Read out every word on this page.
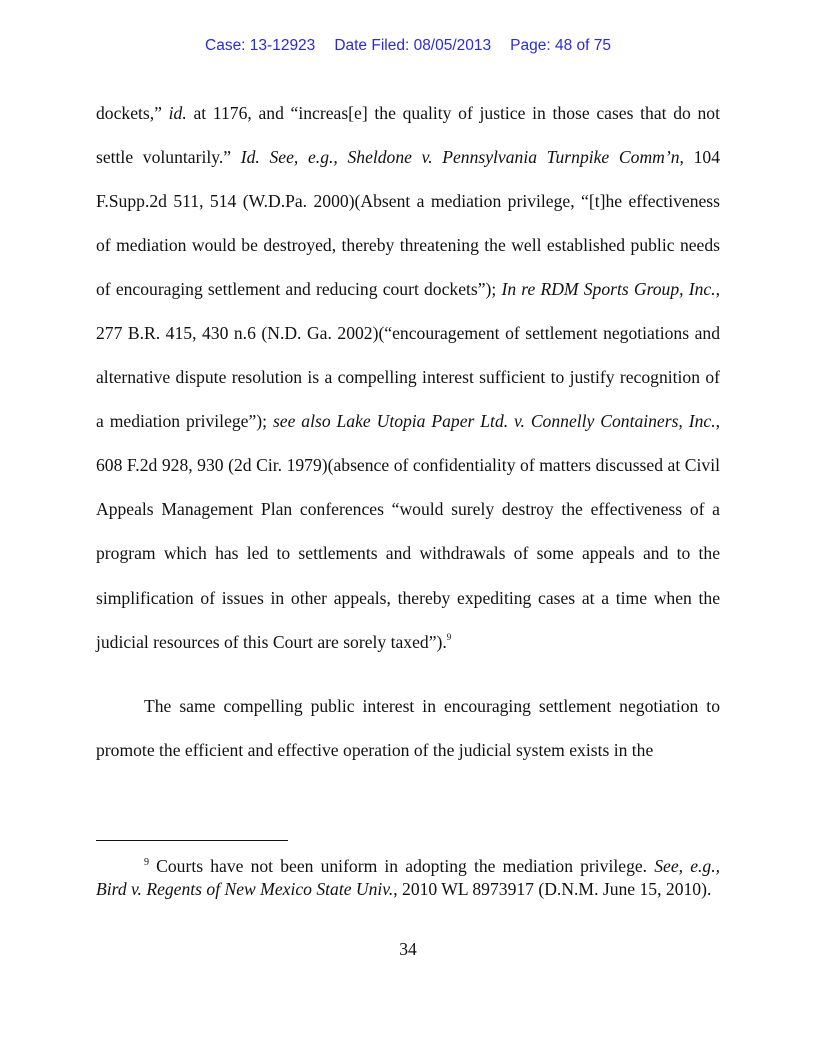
Case: 13-12923 Date Filed: 08/05/2013 Page: 48 of 75

dockets,” id. at 1176, and “increas[e] the quality of justice in those cases that do not settle voluntarily.” Id. See, e.g., Sheldone v. Pennsylvania Turnpike Comm’n, 104 F.Supp.2d 511, 514 (W.D.Pa. 2000)(Absent a mediation privilege, “[t]he effectiveness of mediation would be destroyed, thereby threatening the well established public needs of encouraging settlement and reducing court dockets”); In re RDM Sports Group, Inc., 277 B.R. 415, 430 n.6 (N.D. Ga. 2002)(“encouragement of settlement negotiations and alternative dispute resolution is a compelling interest sufficient to justify recognition of a mediation privilege”); see also Lake Utopia Paper Ltd. v. Connelly Containers, Inc., 608 F.2d 928, 930 (2d Cir. 1979)(absence of confidentiality of matters discussed at Civil Appeals Management Plan conferences “would surely destroy the effectiveness of a program which has led to settlements and withdrawals of some appeals and to the simplification of issues in other appeals, thereby expediting cases at a time when the judicial resources of this Court are sorely taxed”).$^9$

The same compelling public interest in encouraging settlement negotiation to promote the efficient and effective operation of the judicial system exists in the

$^9$ Courts have not been uniform in adopting the mediation privilege. See, e.g., Bird v. Regents of New Mexico State Univ., 2010 WL 8973917 (D.N.M. June 15, 2010).
34
